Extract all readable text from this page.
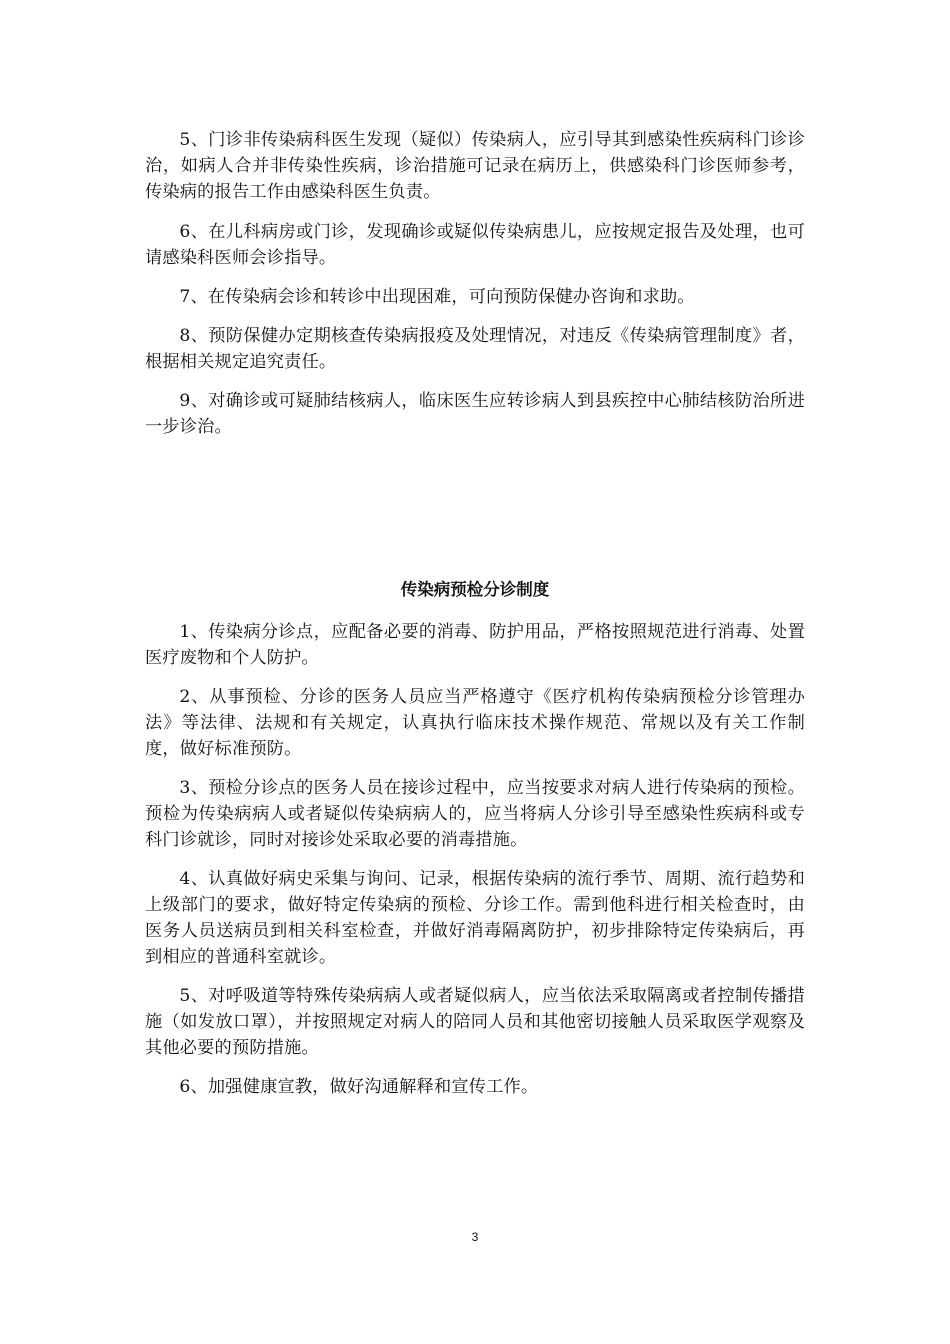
5、门诊非传染病科医生发现（疑似）传染病人，应引导其到感染性疾病科门诊诊治，如病人合并非传染性疾病，诊治措施可记录在病历上，供感染科门诊医师参考，传染病的报告工作由感染科医生负责。

6、在儿科病房或门诊，发现确诊或疑似传染病患儿，应按规定报告及处理，也可请感染科医师会诊指导。

7、在传染病会诊和转诊中出现困难，可向预防保健办咨询和求助。

8、预防保健办定期核查传染病报疫及处理情况，对违反《传染病管理制度》者，根据相关规定追究责任。

9、对确诊或可疑肺结核病人，临床医生应转诊病人到县疾控中心肺结核防治所进一步诊治。

传染病预检分诊制度

1、传染病分诊点，应配备必要的消毒、防护用品，严格按照规范进行消毒、处置医疗废物和个人防护。

2、从事预检、分诊的医务人员应当严格遵守《医疗机构传染病预检分诊管理办法》等法律、法规和有关规定，认真执行临床技术操作规范、常规以及有关工作制度，做好标准预防。

3、预检分诊点的医务人员在接诊过程中，应当按要求对病人进行传染病的预检。预检为传染病病人或者疑似传染病病人的，应当将病人分诊引导至感染性疾病科或专科门诊就诊，同时对接诊处采取必要的消毒措施。

4、认真做好病史采集与询问、记录，根据传染病的流行季节、周期、流行趋势和上级部门的要求，做好特定传染病的预检、分诊工作。需到他科进行相关检查时，由医务人员送病员到相关科室检查，并做好消毒隔离防护，初步排除特定传染病后，再到相应的普通科室就诊。

5、对呼吸道等特殊传染病病人或者疑似病人，应当依法采取隔离或者控制传播措施（如发放口罩），并按照规定对病人的陪同人员和其他密切接触人员采取医学观察及其他必要的预防措施。

6、加强健康宣教，做好沟通解释和宣传工作。

3
